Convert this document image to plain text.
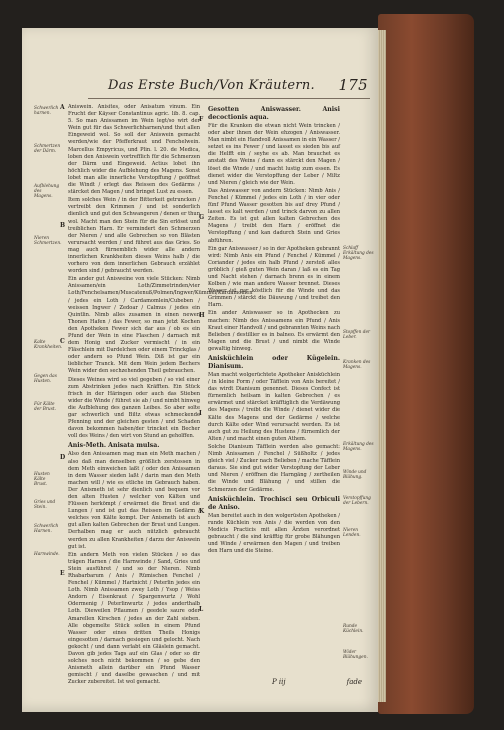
Das Erste Buch/Von Kräutern. 175
A
B
C
D
E
F
G
H
I
K
L
Schwerlich harnen.
Schmertzen der Därm.
Aufblehung des Magens.
Nieren Schmertzen.
Kalte Krankheiten.
Gegen das Husten.
Für Kälte der Brust.
Husten Kälte Brust.
Gries und Stein.
Schwerlich Harnen.
Harnwinde.
Schlaff Erkältung des Magens.
Stopffen der Leber.
Kranken des Magens.
Erkältung des Magens.
Winde und Blähung.
Verstopffung der Lebern.
Nieren Lenden.
Runde Küchlein.
Wider Blähungen.

Aniswein. Anisites, oder Anisatum vinum. Ein Frucht der Käyser Constantinus agric. lib. 8. cap. 5. So man Anissamen im Wein legt/so wirt der Wein gut für das Schwerlichharnen/und thut allen Eingeweid wol. So soll der Aniswein gemacht werden/wie der Pfefferkraut und Fenchelwein. Marcellus Empyricus, und Plin. l. 20. de Medica, loben den Aniswein vortrefflich für die Schmerzen der Därm und Eingeweid. Actius lobet ihn höchlich wider die Aufblehung des Magens. Sonst lobet man alle innerliche Verstopffung / geöffnet die Windt / erlegt das Reissen des Gedärms / stärcket den Magen / und bringet Lust zu essen.

Item solches Wein / in der Bitterkeit getruncken / vertreibt den Krimmen / und ist sonderlich dienlich und gut den Schwangeren / denen er thun wol. Macht man den Stein für die Sin erlöset und treiblichen Harn. Er vermindert den Schmerzen der Nieren / und alle Gebrechen so von Blästen verursacht werden / und führet aus das Gries. So mag auch fürnemblich wider alle andern innerlichen Krankheiten dieses Weins halb / die vorhero von dem innerlichen Gebrauch erzählet worden sind / gebraucht werden.

Ein ander gut Anisweine von viele Stücken: Nimb Anissamen/ein Loth/Zimmetrinden/vier Loth/Fenchelsamen/Muscatenuß/Polmen/Ingwer/Kümmel/Kardamomen / jedes ein Loth / Cardamomlein/Cubeben / weissen Ingwer / Zedoar / Calmus / jedes ein Quintlin. Nimb alles zusamen in einen newen Thonen Hafen / das Fewer, so man jetzt Kochen den Apotheken Fewer sich dar aus / ob es ein Pfund der Wein in eine Flaschen / darnach mit dem Honig und Zucker vermischt / in ein Fläschlein mit Dardelchen oder einem Trinckglas / oder andern so Pfund Wein. Diß ist gar ein lieblicher Tranck. Mit dem Wein jedem Bechers Wein wider den sechzehenden Theil gebrauchen.

Dieses Weines wird so viel gegeben / so viel einer zum Abstrinken jedes nach Kräfften. Ein Stück frisch in der Häringen oder auch das Stieben wider die Winde / führet sie ab / und nimbt hinweg die Aufblehung des ganzen Leibes. So aber solte gar schwerlich und Biltz etwas schmeckende Pfenning und der gleichen gesten / und Schaden davon bekommen haben/der trincket ein Becher voll des Weins / den wirt von Stund an geholffen.

Anis-Meth. Anisata mulsa.

Also den Anissamen mag man ein Meth machen / also daß man denselben größlich zerstossen in dem Meth einweichen laßt / oder den Anissamen in dem Wasser sieden laßt / darin man den Meth machen will / wie es etliche im Gebrauch haben. Der Anismeth ist sehr dienlich und bequem vor den alten Husten / welcher von Kälten und Flüssen herkömpt / erwärmet die Brust und die Lungen / und ist gut das Reissen im Gedärm / welches von Kälte kompt. Der Anismeth ist auch gut allen kalten Gebrechen der Brust und Lungen. Derhalben mag er auch nützlich gebraucht werden zu allen Krankheiten / darzu der Aniswein gut ist.

Ein andern Meth von vielen Stücken / so das trägen Harnen / die Harnwinde / Sand, Gries und Stein ausführet / und so der Nieren. Nimb Rhabarbarum / Anis / Rümischen Fenchel / Fenchel / Kümmel / Hartnicht / Peterlin jedes ein Loth. Nimb Anissamen zwey Loth / Ysop / Weiss Andorn / Eisenkraut / Spargenwurtz / Wohl Odermenig / Peterlinwurtz / jedes anderthalb Loth. Dieweilen Pflaumen / geedele saure oder Amarellen Kirschen / jedes an der Zahl sieben. Alle obgemelte Stück sollen in einem Pfund Wasser oder eines dritten Theils Honigs eingesotten / darnach gesiegen und gelocht. Nach gekocht / und dann verlabt ein Gläslein gemacht. Davon gib jedes Tags auf ein Glas / oder so dir solches noch nicht bekommen / so gebe den Anismeth allein darüber ein Pfund Wasser gemischt / und daselbe gewaschen / und mit Zucker zubereitet. Ist wol gemacht.

Gesotten Aniswasser. Anisi decoctionis aqua.

Für die Kranken die etwan nicht Wein trincken / oder aber ihnen der Wein ehzogen / Aniswasser. Man nimbt ein Handvoll Anissamen in ein Wasser / setzet es ins Fewer / und lasset es sieden bis auf die Helfft ein / seyhe es ab. Man brauchet es anstatt des Weins / dann es stärckt den Magen / löset die Winde / und macht lustig zum essen. Es dienet wider die Verstopffung der Leber / Miltz und Nieren / gleich wie der Wein.

Das Aniswasser von andern Stücken: Nimb Anis / Fenchel / Kümmel / jedes ein Loth / in vier oder fünf Pfund Wasser gesotten bis auf drey Pfund / lasset es kalt werden / und trinck darvon zu allen Zeiten. Es ist gut allen kalten Gebrechen des Magens / treibt den Harn / eröffnet die Verstopffung / und kan dadurch Stein und Gries abführen.

Ein gar Aniswasser / so in der Apotheken gebrannt wird: Nimb Anis ein Pfund / Fenchel / Kümmel / Coriander / jedes ein halb Pfund / zerstoß alles gröblich / gieß guten Wein daran / laß es ein Tag und Nacht stehen / darnach brenn es in einem Kolben / wie man andere Wasser brennet. Dieses Wasser ist gar köstlich für die Winde und das Grimmen / stärckt die Däuwung / und treibet den Harn.

Ein ander Aniswasser so in Apothecken zu machen: Nimb des Anissamens ein Pfund / Anis Kraut einer Handvoll / und gebrannten Weins nach Belieben / destillier es in balneo. Es erwärmt den Magen und die Brust / und nimbt die Winde gewaltig hinweg.

Anisküchlein oder Kügelein. Dianisum.

Man macht wolgerüchtete Apotheker Anisküchlein / in kleine Form / oder Täfflein von Anis bereitet / das wirdt Dianisum genennet. Dieses Confect ist fürnemlich heilsam in kalten Gebrechen / es erwärmet und stärcket kräfftiglich die Verdäwung des Magens / treibt die Winde / dienet wider die Kälte des Magens und der Gedärme / welche durch Kälte oder Wind verursacht werden. Es ist auch gut zu Heilung des Hustens / fürnemlich der Alten / und macht einen guten Athem.

Solche Dianisum Täfflein werden also gemacht: Nimb Anissamen / Fenchel / Süßholtz / jedes gleich viel / Zucker nach Belieben / mache Täfflein daraus. Sie sind gut wider Verstopfung der Leber und Nieren / eröffnen die Harngäng / zertheilen die Winde und Blähung / und stillen die Schmerzen der Gedärme.

Anisküchlein. Trochisci seu Orbiculi de Aniso.

Man bereitet auch in den wolgerüsten Apotheken / runde Küchlein von Anis / die werden von den Medicis Practicis mit allen Ärzten verordnet gebraucht / die sind kräfftig für grobe Blähungen und Winde / erwärmen den Magen / und treiben den Harn und die Steine.

P iij	fade
